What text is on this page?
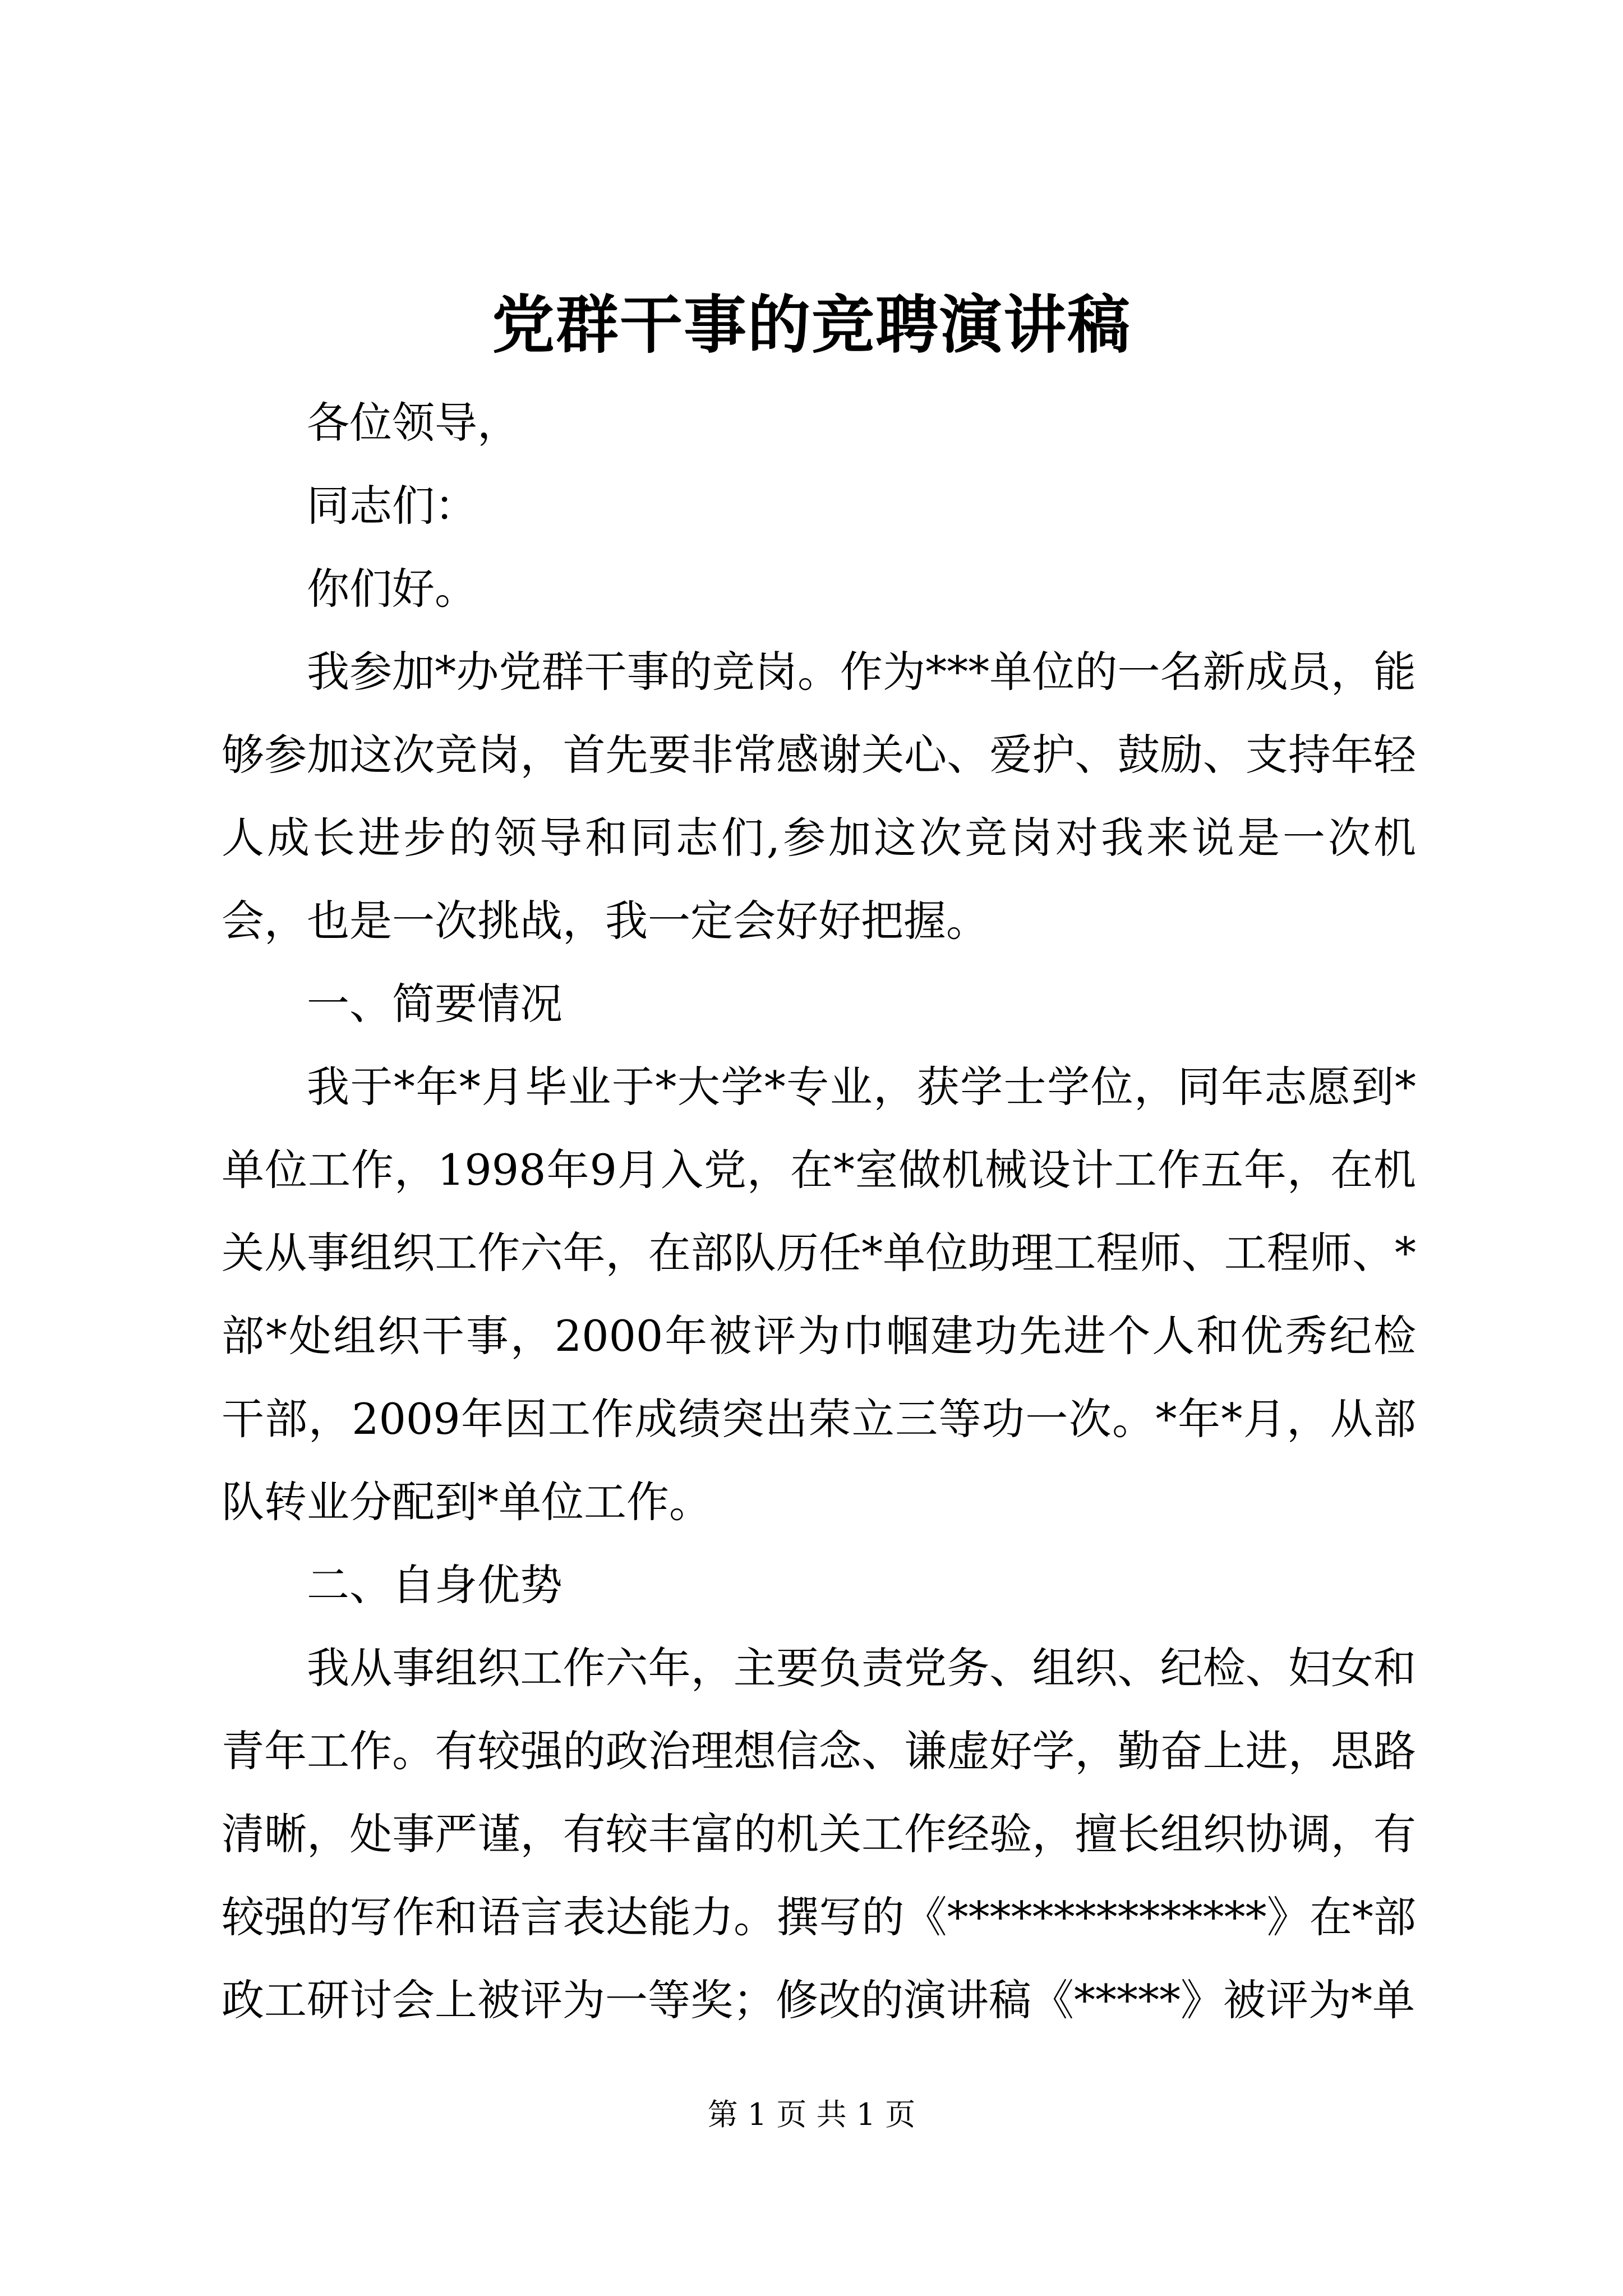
党群干事的竞聘演讲稿

各位领导，

同志们：

你们好。

我参加*办党群干事的竞岗。作为***单位的一名新成员，能够参加这次竞岗，首先要非常感谢关心、爱护、鼓励、支持年轻人成长进步的领导和同志们,参加这次竞岗对我来说是一次机会，也是一次挑战，我一定会好好把握。

一、简要情况

我于*年*月毕业于*大学*专业，获学士学位，同年志愿到*单位工作，1998年9月入党，在*室做机械设计工作五年，在机关从事组织工作六年，在部队历任*单位助理工程师、工程师、*部*处组织干事，2000年被评为巾帼建功先进个人和优秀纪检干部，2009年因工作成绩突出荣立三等功一次。*年*月，从部队转业分配到*单位工作。

二、自身优势

我从事组织工作六年，主要负责党务、组织、纪检、妇女和青年工作。有较强的政治理想信念、谦虚好学，勤奋上进，思路清晰，处事严谨，有较丰富的机关工作经验，擅长组织协调，有较强的写作和语言表达能力。撰写的《***************》在*部政工研讨会上被评为一等奖；修改的演讲稿《*****》被评为*单

第 1 页 共 1 页
